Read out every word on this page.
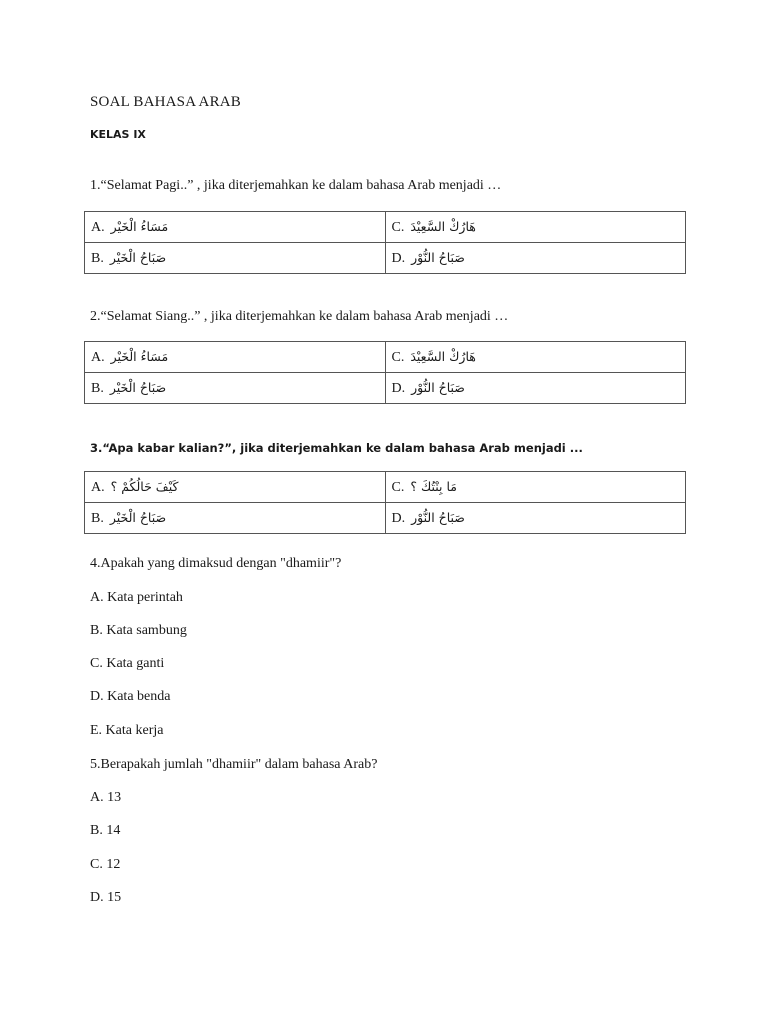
SOAL BAHASA ARAB
KELAS IX
1.“Selamat Pagi..” , jika diterjemahkan ke dalam bahasa Arab menjadi …
A. مَسَاءُ الْخَيْر	C. هَارُكْ السَّعِيْدَ
B. صَبَاحُ الْخَيْر	D. صَبَاحُ النُّوْر
2.“Selamat Siang..” , jika diterjemahkan ke dalam bahasa Arab menjadi …
A. مَسَاءُ الْخَيْر	C. هَارُكْ السَّعِيْدَ
B. صَبَاحُ الْخَيْر	D. صَبَاحُ النُّوْر
3.“Apa kabar kalian?”, jika diterjemahkan ke dalam bahasa Arab menjadi ...
A. كَيْفَ حَالُكُمْ ؟	C. مَا بِنْتُكَ ؟
B. صَبَاحُ الْخَيْر	D. صَبَاحُ النُّوْر
4.Apakah yang dimaksud dengan "dhamiir"?
A. Kata perintah
B. Kata sambung
C. Kata ganti
D. Kata benda
E. Kata kerja
5.Berapakah jumlah "dhamiir" dalam bahasa Arab?
A. 13
B. 14
C. 12
D. 15
